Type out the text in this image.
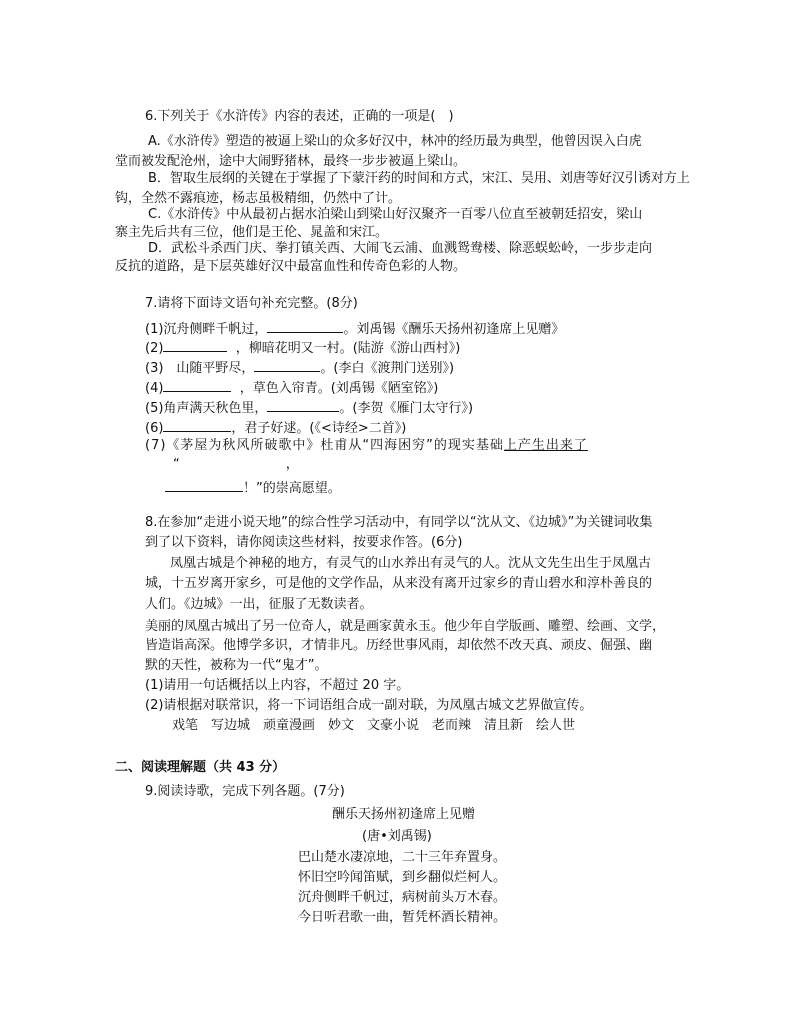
6.下列关于《水浒传》内容的表述，正确的一项是(　)
A.《水浒传》塑造的被逼上梁山的众多好汉中，林冲的经历最为典型，他曾因误入白虎
堂而被发配沧州，途中大闹野猪林，最终一步步被逼上梁山。
B．智取生辰纲的关键在于掌握了下蒙汗药的时间和方式，宋江、吴用、刘唐等好汉引诱对方上
钩，全然不露痕迹，杨志虽极精细，仍然中了计。
C.《水浒传》中从最初占据水泊梁山到梁山好汉聚齐一百零八位直至被朝廷招安，梁山
寨主先后共有三位，他们是王伦、晁盖和宋江。
D．武松斗杀西门庆、拳打镇关西、大闹飞云浦、血溅鸳鸯楼、除恶蜈蚣岭，一步步走向
反抗的道路，是下层英雄好汉中最富血性和传奇色彩的人物。
7.请将下面诗文语句补充完整。(8分)
(1)沉舟侧畔千帆过，	。刘禹锡《酬乐天扬州初逢席上见赠》
(2)	，柳暗花明又一村。(陆游《游山西村》)
(3)　山随平野尽，	。(李白《渡荆门送别》)
(4)	，草色入帘青。(刘禹锡《陋室铭》)
(5)角声满天秋色里，	。(李贺《雁门太守行》)
(6)	，君子好逑。(《<诗经>二首》)
(7)《茅屋为秋风所破歌中》杜甫从“四海困穷”的现实基础上产生出来了
“	，
！”的崇高愿望。
8.在参加“走进小说天地”的综合性学习活动中，有同学以“沈从文、《边城》”为关键词收集
到了以下资料，请你阅读这些材料，按要求作答。(6分)
凤凰古城是个神秘的地方，有灵气的山水养出有灵气的人。沈从文先生出生于凤凰古
城，十五岁离开家乡，可是他的文学作品，从来没有离开过家乡的青山碧水和淳朴善良的
人们。《边城》一出，征服了无数读者。
美丽的凤凰古城出了另一位奇人，就是画家黄永玉。他少年自学版画、雕塑、绘画、文学，
皆造诣高深。他博学多识，才情非凡。历经世事风雨，却依然不改天真、顽皮、倔强、幽
默的天性，被称为一代“鬼才”。
(1)请用一句话概括以上内容，不超过 20 字。
(2)请根据对联常识，将一下词语组合成一副对联，为凤凰古城文艺界做宣传。
戏笔　写边城　顽童漫画　妙文　文豪小说　老而辣　清且新　绘人世
二、阅读理解题（共 43 分）
9.阅读诗歌，完成下列各题。(7分)
酬乐天扬州初逢席上见赠
(唐•刘禹锡)
巴山楚水凄凉地，二十三年弃置身。
怀旧空吟闻笛赋，到乡翻似烂柯人。
沉舟侧畔千帆过，病树前头万木春。
今日听君歌一曲，暂凭杯酒长精神。
